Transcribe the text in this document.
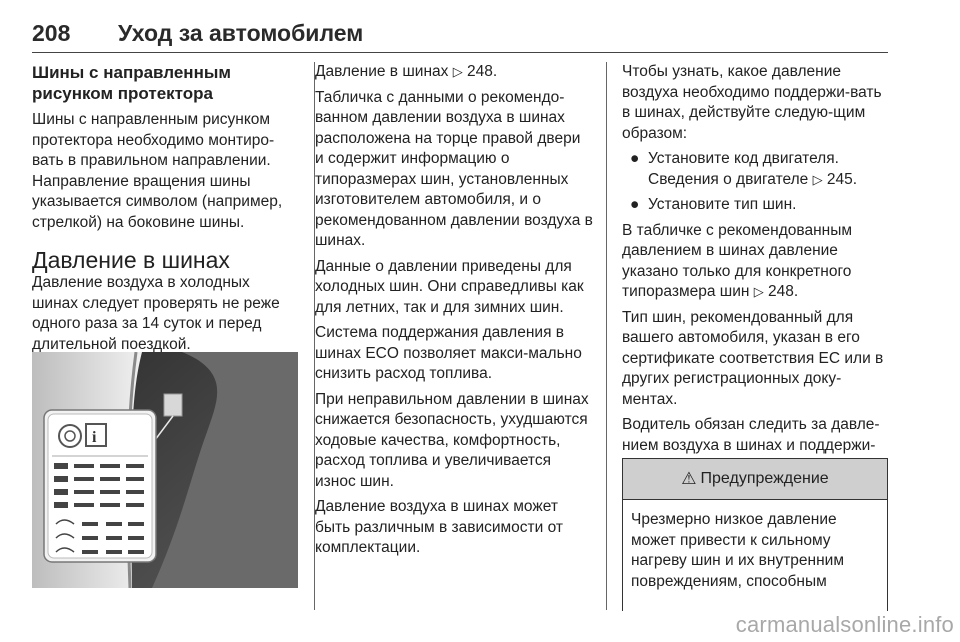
208 Уход за автомобилем
Шины с направленным рисунком протектора

Шины с направленным рисунком протектора необходимо монтиро-вать в правильном направлении. Направление вращения шины указывается символом (например, стрелкой) на боковине шины.

Давление в шинах

Давление воздуха в холодных шинах следует проверять не реже одного раза за 14 суток и перед длительной поездкой.

i

Давление в шинах ▷ 248.

Табличка с данными о рекомендо-ванном давлении воздуха в шинах расположена на торце правой двери и содержит информацию о типоразмерах шин, установленных изготовителем автомобиля, и о рекомендованном давлении воздуха в шинах.

Данные о давлении приведены для холодных шин. Они справедливы как для летних, так и для зимних шин.

Система поддержания давления в шинах ECO позволяет макси-мально снизить расход топлива.

При неправильном давлении в шинах снижается безопасность, ухудшаются ходовые качества, комфортность, расход топлива и увеличивается износ шин.

Давление воздуха в шинах может быть различным в зависимости от комплектации.

Чтобы узнать, какое давление воздуха необходимо поддержи-вать в шинах, действуйте следую-щим образом:

● Установите код двигателя. Сведения о двигателе ▷ 245.
● Установите тип шин.

В табличке с рекомендованным давлением в шинах давление указано только для конкретного типоразмера шин ▷ 248.

Тип шин, рекомендованный для вашего автомобиля, указан в его сертификате соответствия ЕС или в других регистрационных доку-ментах.

Водитель обязан следить за давле-нием воздуха в шинах и поддержи-

⚠ Предупреждение
Чрезмерно низкое давление может привести к сильному нагреву шин и их внутренним повреждениям, способным
carmanualsonline.info
